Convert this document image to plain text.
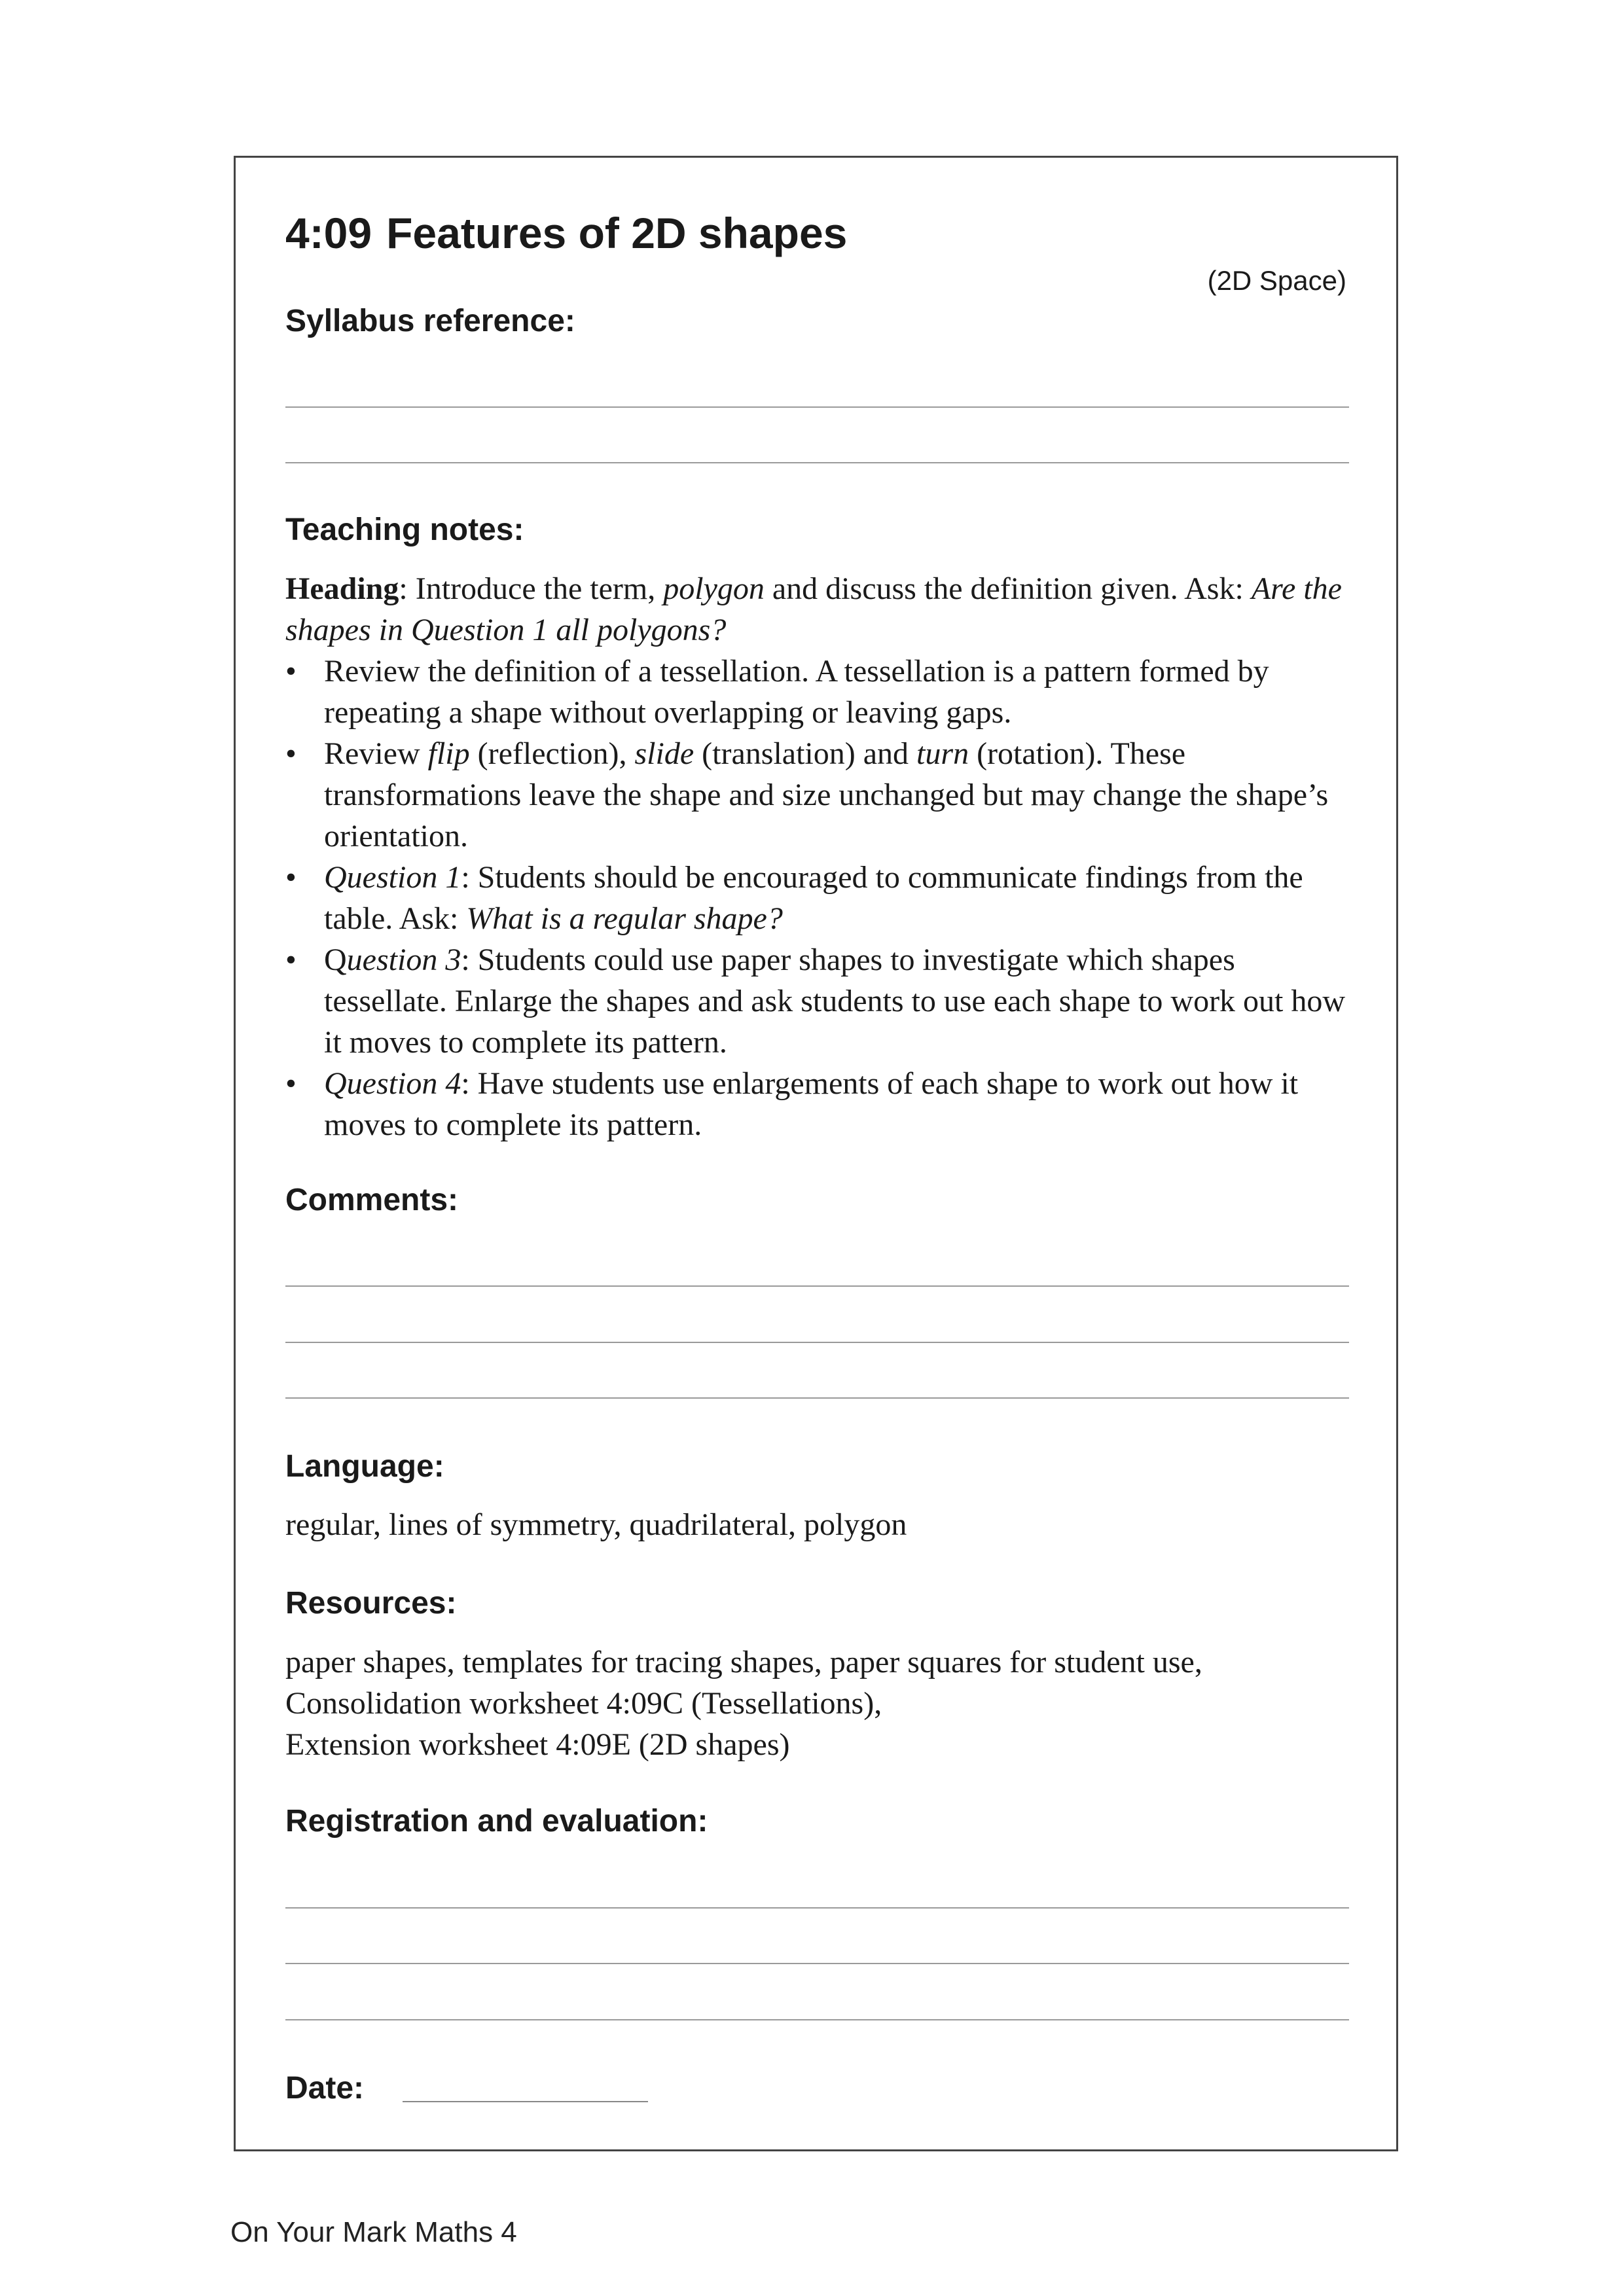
4:09 Features of 2D shapes
(2D Space)
Syllabus reference:
Teaching notes:

Heading: Introduce the term, polygon and discuss the definition given. Ask: Are the shapes in Question 1 all polygons?

• Review the definition of a tessellation. A tessellation is a pattern formed by repeating a shape without overlapping or leaving gaps.
• Review flip (reflection), slide (translation) and turn (rotation). These transformations leave the shape and size unchanged but may change the shape’s orientation.
• Question 1: Students should be encouraged to communicate findings from the table. Ask: What is a regular shape?
• Question 3: Students could use paper shapes to investigate which shapes tessellate. Enlarge the shapes and ask students to use each shape to work out how it moves to complete its pattern.
• Question 4: Have students use enlargements of each shape to work out how it moves to complete its pattern.
Comments:
Language:
regular, lines of symmetry, quadrilateral, polygon
Resources:
paper shapes, templates for tracing shapes, paper squares for student use,
Consolidation worksheet 4:09C (Tessellations),
Extension worksheet 4:09E (2D shapes)
Registration and evaluation:
Date:
On Your Mark Maths 4
